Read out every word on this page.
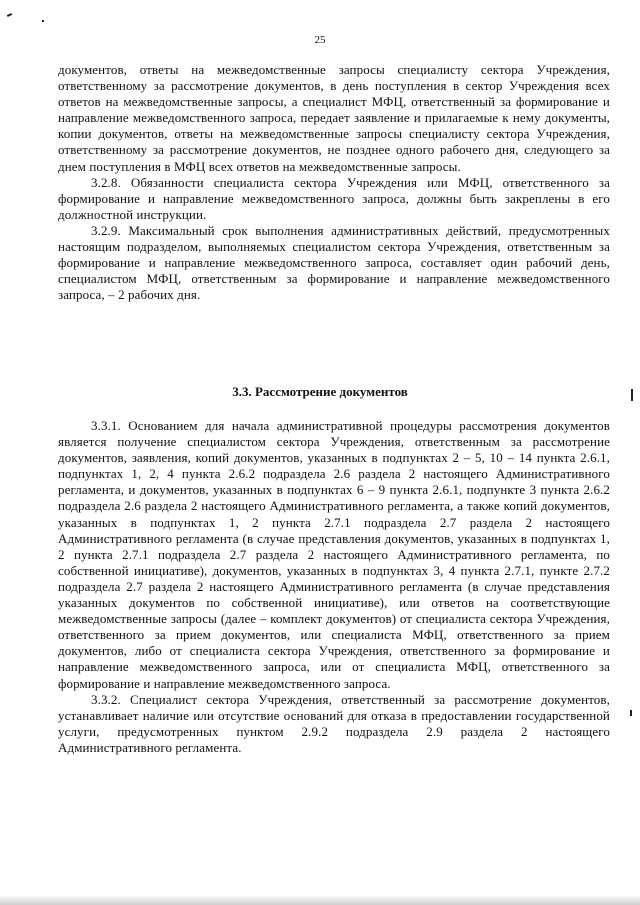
25

документов, ответы на межведомственные запросы специалисту сектора Учреждения, ответственному за рассмотрение документов, в день поступления в сектор Учреждения всех ответов на межведомственные запросы, а специалист МФЦ, ответственный за формирование и направление межведомственного запроса, передает заявление и прилагаемые к нему документы, копии документов, ответы на межведомственные запросы специалисту сектора Учреждения, ответственному за рассмотрение документов, не позднее одного рабочего дня, следующего за днем поступления в МФЦ всех ответов на межведомственные запросы.

3.2.8. Обязанности специалиста сектора Учреждения или МФЦ, ответственного за формирование и направление межведомственного запроса, должны быть закреплены в его должностной инструкции.

3.2.9. Максимальный срок выполнения административных действий, предусмотренных настоящим подразделом, выполняемых специалистом сектора Учреждения, ответственным за формирование и направление межведомственного запроса, составляет один рабочий день, специалистом МФЦ, ответственным за формирование и направление межведомственного запроса, – 2 рабочих дня.

3.3. Рассмотрение документов

3.3.1. Основанием для начала административной процедуры рассмотрения документов является получение специалистом сектора Учреждения, ответственным за рассмотрение документов, заявления, копий документов, указанных в подпунктах 2 – 5, 10 – 14 пункта 2.6.1, подпунктах 1, 2, 4 пункта 2.6.2 подраздела 2.6 раздела 2 настоящего Административного регламента, и документов, указанных в подпунктах 6 – 9 пункта 2.6.1, подпункте 3 пункта 2.6.2 подраздела 2.6 раздела 2 настоящего Административного регламента, а также копий документов, указанных в подпунктах 1, 2 пункта 2.7.1 подраздела 2.7 раздела 2 настоящего Административного регламента (в случае представления документов, указанных в подпунктах 1, 2 пункта 2.7.1 подраздела 2.7 раздела 2 настоящего Административного регламента, по собственной инициативе), документов, указанных в подпунктах 3, 4 пункта 2.7.1, пункте 2.7.2 подраздела 2.7 раздела 2 настоящего Административного регламента (в случае представления указанных документов по собственной инициативе), или ответов на соответствующие межведомственные запросы (далее – комплект документов) от специалиста сектора Учреждения, ответственного за прием документов, или специалиста МФЦ, ответственного за прием документов, либо от специалиста сектора Учреждения, ответственного за формирование и направление межведомственного запроса, или от специалиста МФЦ, ответственного за формирование и направление межведомственного запроса.

3.3.2. Специалист сектора Учреждения, ответственный за рассмотрение документов, устанавливает наличие или отсутствие оснований для отказа в предоставлении государственной услуги, предусмотренных пунктом 2.9.2 подраздела 2.9 раздела 2 настоящего Административного регламента.
